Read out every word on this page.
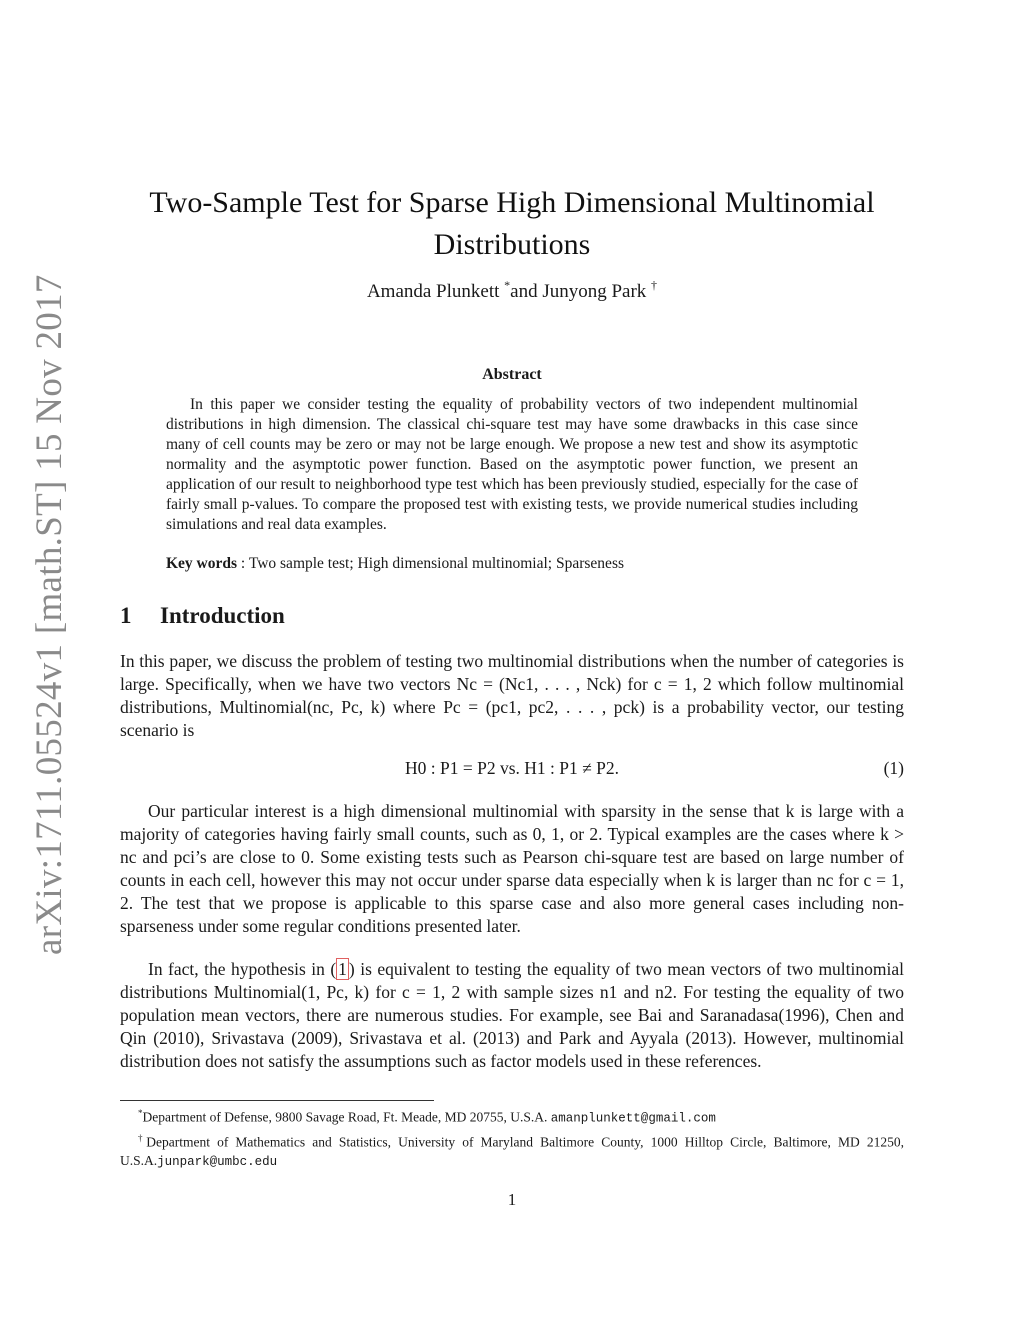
arXiv:1711.05524v1 [math.ST] 15 Nov 2017
Two-Sample Test for Sparse High Dimensional Multinomial Distributions
Amanda Plunkett *and Junyong Park †
Abstract
In this paper we consider testing the equality of probability vectors of two independent multinomial distributions in high dimension. The classical chi-square test may have some drawbacks in this case since many of cell counts may be zero or may not be large enough. We propose a new test and show its asymptotic normality and the asymptotic power function. Based on the asymptotic power function, we present an application of our result to neighborhood type test which has been previously studied, especially for the case of fairly small p-values. To compare the proposed test with existing tests, we provide numerical studies including simulations and real data examples.
Key words : Two sample test; High dimensional multinomial; Sparseness
1 Introduction
In this paper, we discuss the problem of testing two multinomial distributions when the number of categories is large. Specifically, when we have two vectors Nc = (Nc1, . . . , Nck) for c = 1, 2 which follow multinomial distributions, Multinomial(nc, Pc, k) where Pc = (pc1, pc2, . . . , pck) is a probability vector, our testing scenario is
H0 : P1 = P2 vs. H1 : P1 ≠ P2.	(1)
Our particular interest is a high dimensional multinomial with sparsity in the sense that k is large with a majority of categories having fairly small counts, such as 0, 1, or 2. Typical examples are the cases where k > nc and pci’s are close to 0. Some existing tests such as Pearson chi-square test are based on large number of counts in each cell, however this may not occur under sparse data especially when k is larger than nc for c = 1, 2. The test that we propose is applicable to this sparse case and also more general cases including non-sparseness under some regular conditions presented later.
In fact, the hypothesis in ( 1 ) is equivalent to testing the equality of two mean vectors of two multinomial distributions Multinomial(1, Pc, k) for c = 1, 2 with sample sizes n1 and n2. For testing the equality of two population mean vectors, there are numerous studies. For example, see Bai and Saranadasa(1996), Chen and Qin (2010), Srivastava (2009), Srivastava et al. (2013) and Park and Ayyala (2013). However, multinomial distribution does not satisfy the assumptions such as factor models used in these references.
*Department of Defense, 9800 Savage Road, Ft. Meade, MD 20755, U.S.A. amanplunkett@gmail.com
†Department of Mathematics and Statistics, University of Maryland Baltimore County, 1000 Hilltop Circle, Baltimore, MD 21250, U.S.A.junpark@umbc.edu
1
